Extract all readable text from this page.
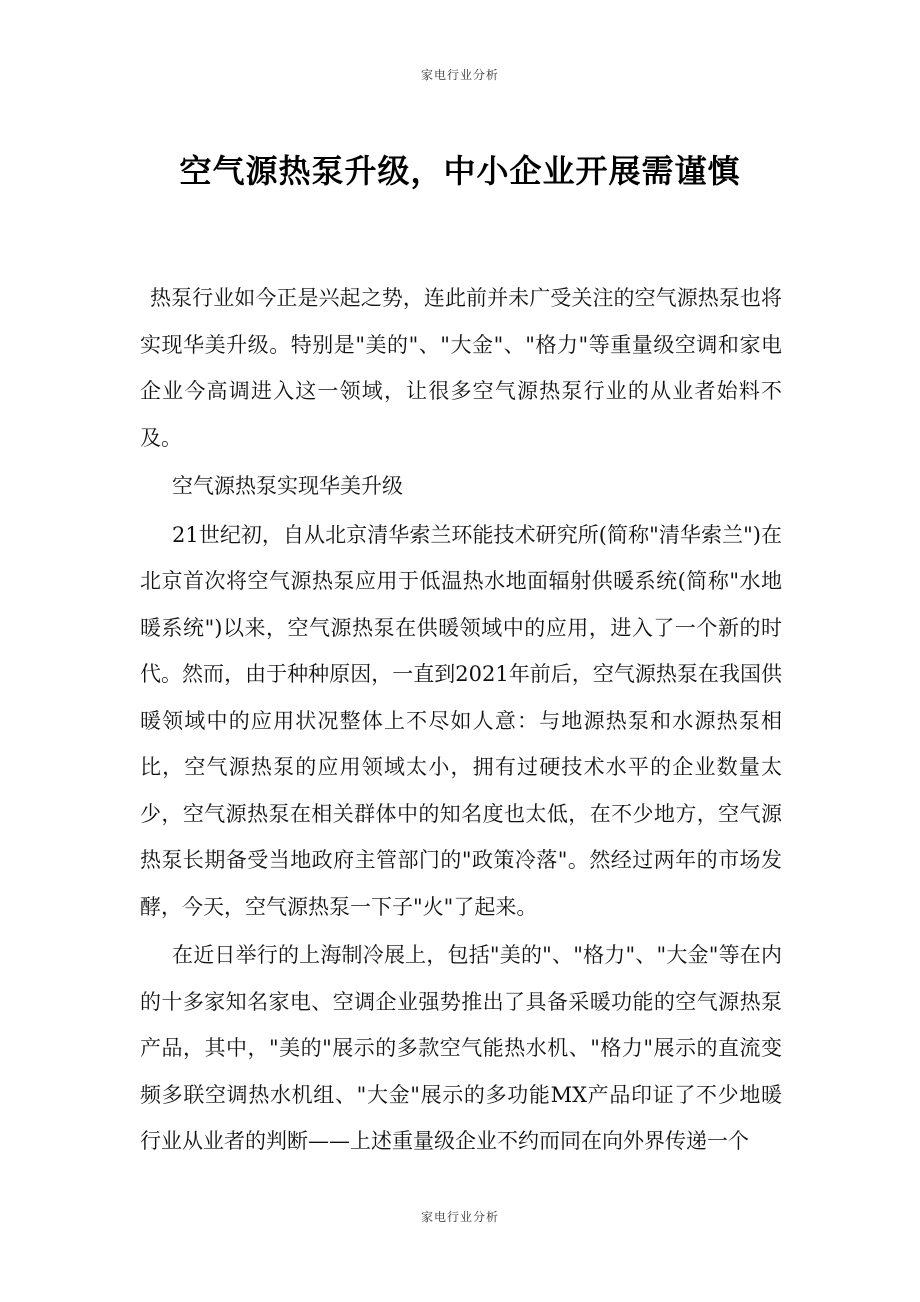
家电行业分析
空气源热泵升级，中小企业开展需谨慎

热泵行业如今正是兴起之势，连此前并未广受关注的空气源热泵也将实现华美升级。特别是"美的"、"大金"、"格力"等重量级空调和家电企业今高调进入这一领域，让很多空气源热泵行业的从业者始料不及。

空气源热泵实现华美升级

21世纪初，自从北京清华索兰环能技术研究所(简称"清华索兰")在北京首次将空气源热泵应用于低温热水地面辐射供暖系统(简称"水地暖系统")以来，空气源热泵在供暖领域中的应用，进入了一个新的时代。然而，由于种种原因，一直到2021年前后，空气源热泵在我国供暖领域中的应用状况整体上不尽如人意：与地源热泵和水源热泵相比，空气源热泵的应用领域太小，拥有过硬技术水平的企业数量太少，空气源热泵在相关群体中的知名度也太低，在不少地方，空气源热泵长期备受当地政府主管部门的"政策冷落"。然经过两年的市场发酵，今天，空气源热泵一下子"火"了起来。

在近日举行的上海制冷展上，包括"美的"、"格力"、"大金"等在内的十多家知名家电、空调企业强势推出了具备采暖功能的空气源热泵产品，其中，"美的"展示的多款空气能热水机、"格力"展示的直流变频多联空调热水机组、"大金"展示的多功能MX产品印证了不少地暖行业从业者的判断——上述重量级企业不约而同在向外界传递一个

家电行业分析
